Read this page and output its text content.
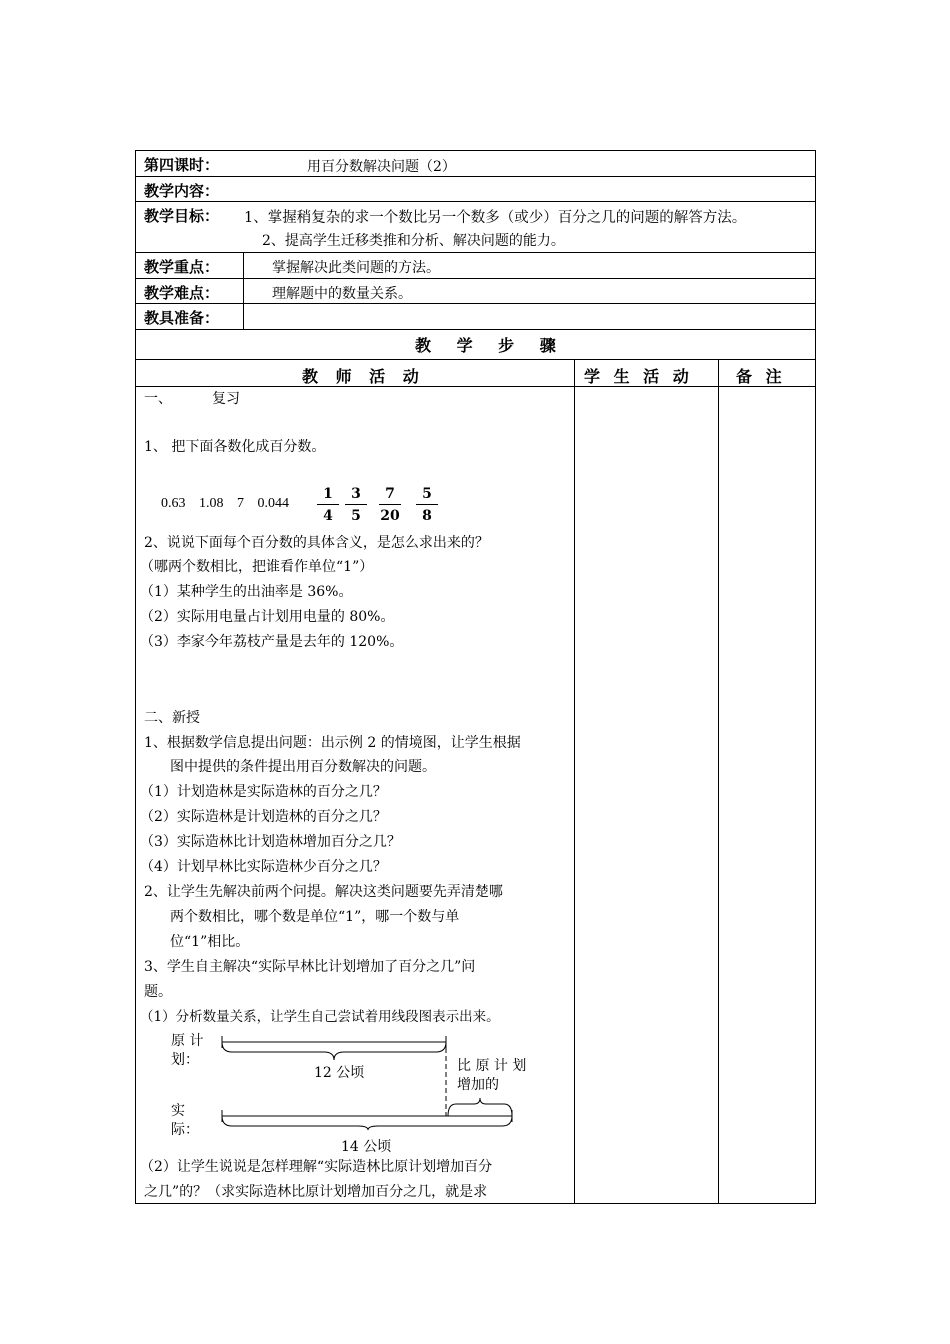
第四课时：	用百分数解决问题（2）
教学内容：
教学目标： 1、掌握稍复杂的求一个数比另一个数多（或少）百分之几的问题的解答方法。
2、提高学生迁移类推和分析、解决问题的能力。
教学重点：	掌握解决此类问题的方法。
教学难点：	理解题中的数量关系。
教具准备：
教 学 步 骤
教 师 活 动	学 生 活 动	备 注
一、	复习
1、 把下面各数化成百分数。
0.63 1.08 7 0.044	$\frac{1}{4} \frac{3}{5} \frac{7}{20} \frac{5}{8}$
2、说说下面每个百分数的具体含义，是怎么求出来的？
（哪两个数相比，把谁看作单位“1”）
（1）某种学生的出油率是 36%。
（2）实际用电量占计划用电量的 80%。
（3）李家今年荔枝产量是去年的 120%。
二、新授
1、根据数学信息提出问题：出示例 2 的情境图，让学生根据
图中提供的条件提出用百分数解决的问题。
（1）计划造林是实际造林的百分之几？
（2）实际造林是计划造林的百分之几？
（3）实际造林比计划造林增加百分之几？
（4）计划早林比实际造林少百分之几？
2、让学生先解决前两个问提。解决这类问题要先弄清楚哪
两个数相比，哪个数是单位“1”，哪一个数与单
位“1”相比。
3、学生自主解决“实际早林比计划增加了百分之几”问
题。
（1）分析数量关系，让学生自己尝试着用线段图表示出来。
原 计
划：
12 公顷	比 原 计 划
增加的
实
际：
14 公顷
（2）让学生说说是怎样理解“实际造林比原计划增加百分
之几”的？（求实际造林比原计划增加百分之几，就是求
